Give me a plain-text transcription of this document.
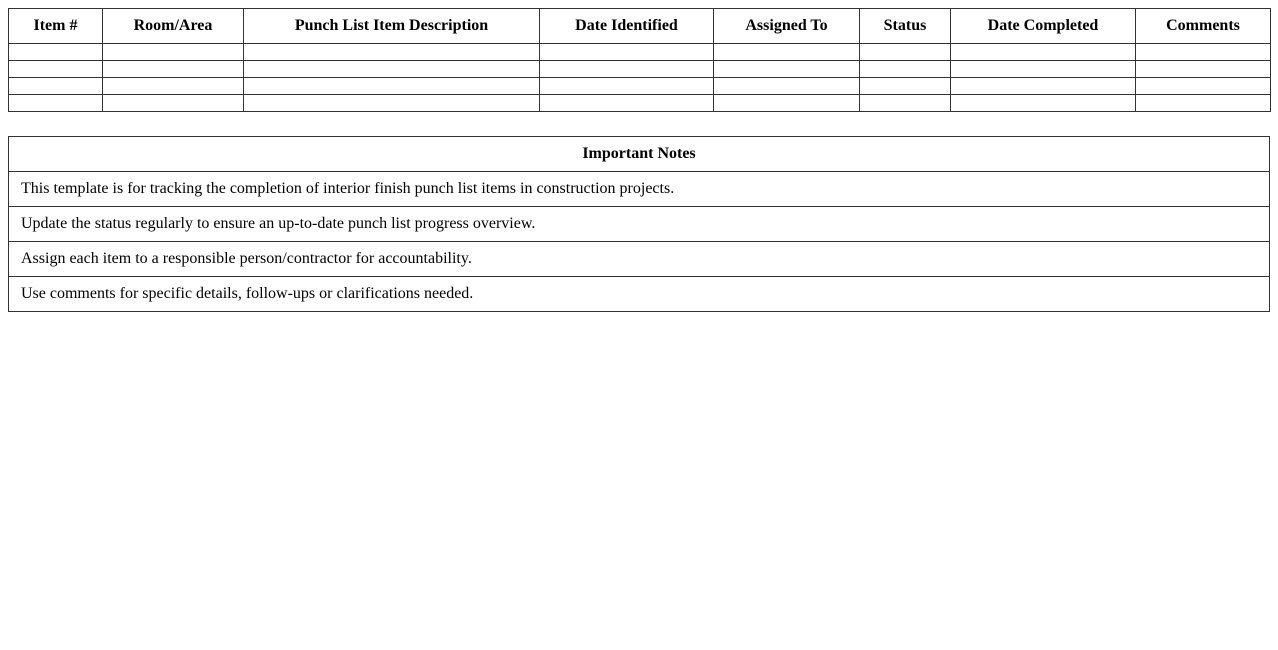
Item #	Room/Area	Punch List Item Description	Date Identified	Assigned To	Status	Date Completed	Comments

Important Notes
This template is for tracking the completion of interior finish punch list items in construction projects.
Update the status regularly to ensure an up-to-date punch list progress overview.
Assign each item to a responsible person/contractor for accountability.
Use comments for specific details, follow-ups or clarifications needed.
